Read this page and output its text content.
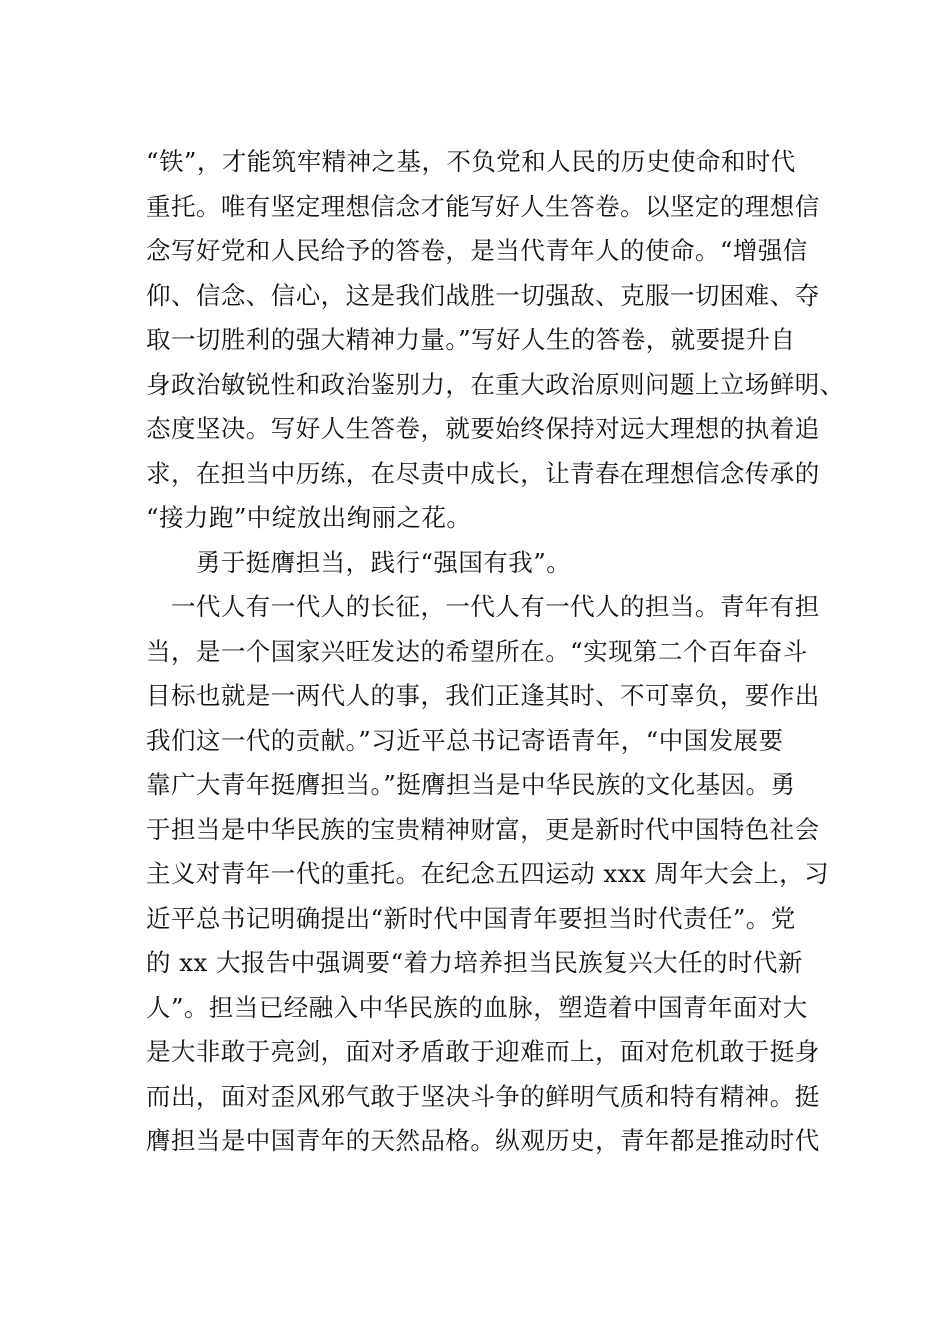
“铁”，才能筑牢精神之基，不负党和人民的历史使命和时代
重托。唯有坚定理想信念才能写好人生答卷。以坚定的理想信
念写好党和人民给予的答卷，是当代青年人的使命。“增强信
仰、信念、信心，这是我们战胜一切强敌、克服一切困难、夺
取一切胜利的强大精神力量。”写好人生的答卷，就要提升自
身政治敏锐性和政治鉴别力，在重大政治原则问题上立场鲜明、
态度坚决。写好人生答卷，就要始终保持对远大理想的执着追
求，在担当中历练，在尽责中成长，让青春在理想信念传承的
“接力跑”中绽放出绚丽之花。
　　勇于挺膺担当，践行“强国有我”。
　一代人有一代人的长征，一代人有一代人的担当。青年有担
当，是一个国家兴旺发达的希望所在。“实现第二个百年奋斗
目标也就是一两代人的事，我们正逢其时、不可辜负，要作出
我们这一代的贡献。”习近平总书记寄语青年，“中国发展要
靠广大青年挺膺担当。”挺膺担当是中华民族的文化基因。勇
于担当是中华民族的宝贵精神财富，更是新时代中国特色社会
主义对青年一代的重托。在纪念五四运动 xxx 周年大会上，习
近平总书记明确提出“新时代中国青年要担当时代责任”。党
的 xx 大报告中强调要“着力培养担当民族复兴大任的时代新
人”。担当已经融入中华民族的血脉，塑造着中国青年面对大
是大非敢于亮剑，面对矛盾敢于迎难而上，面对危机敢于挺身
而出，面对歪风邪气敢于坚决斗争的鲜明气质和特有精神。挺
膺担当是中国青年的天然品格。纵观历史，青年都是推动时代
